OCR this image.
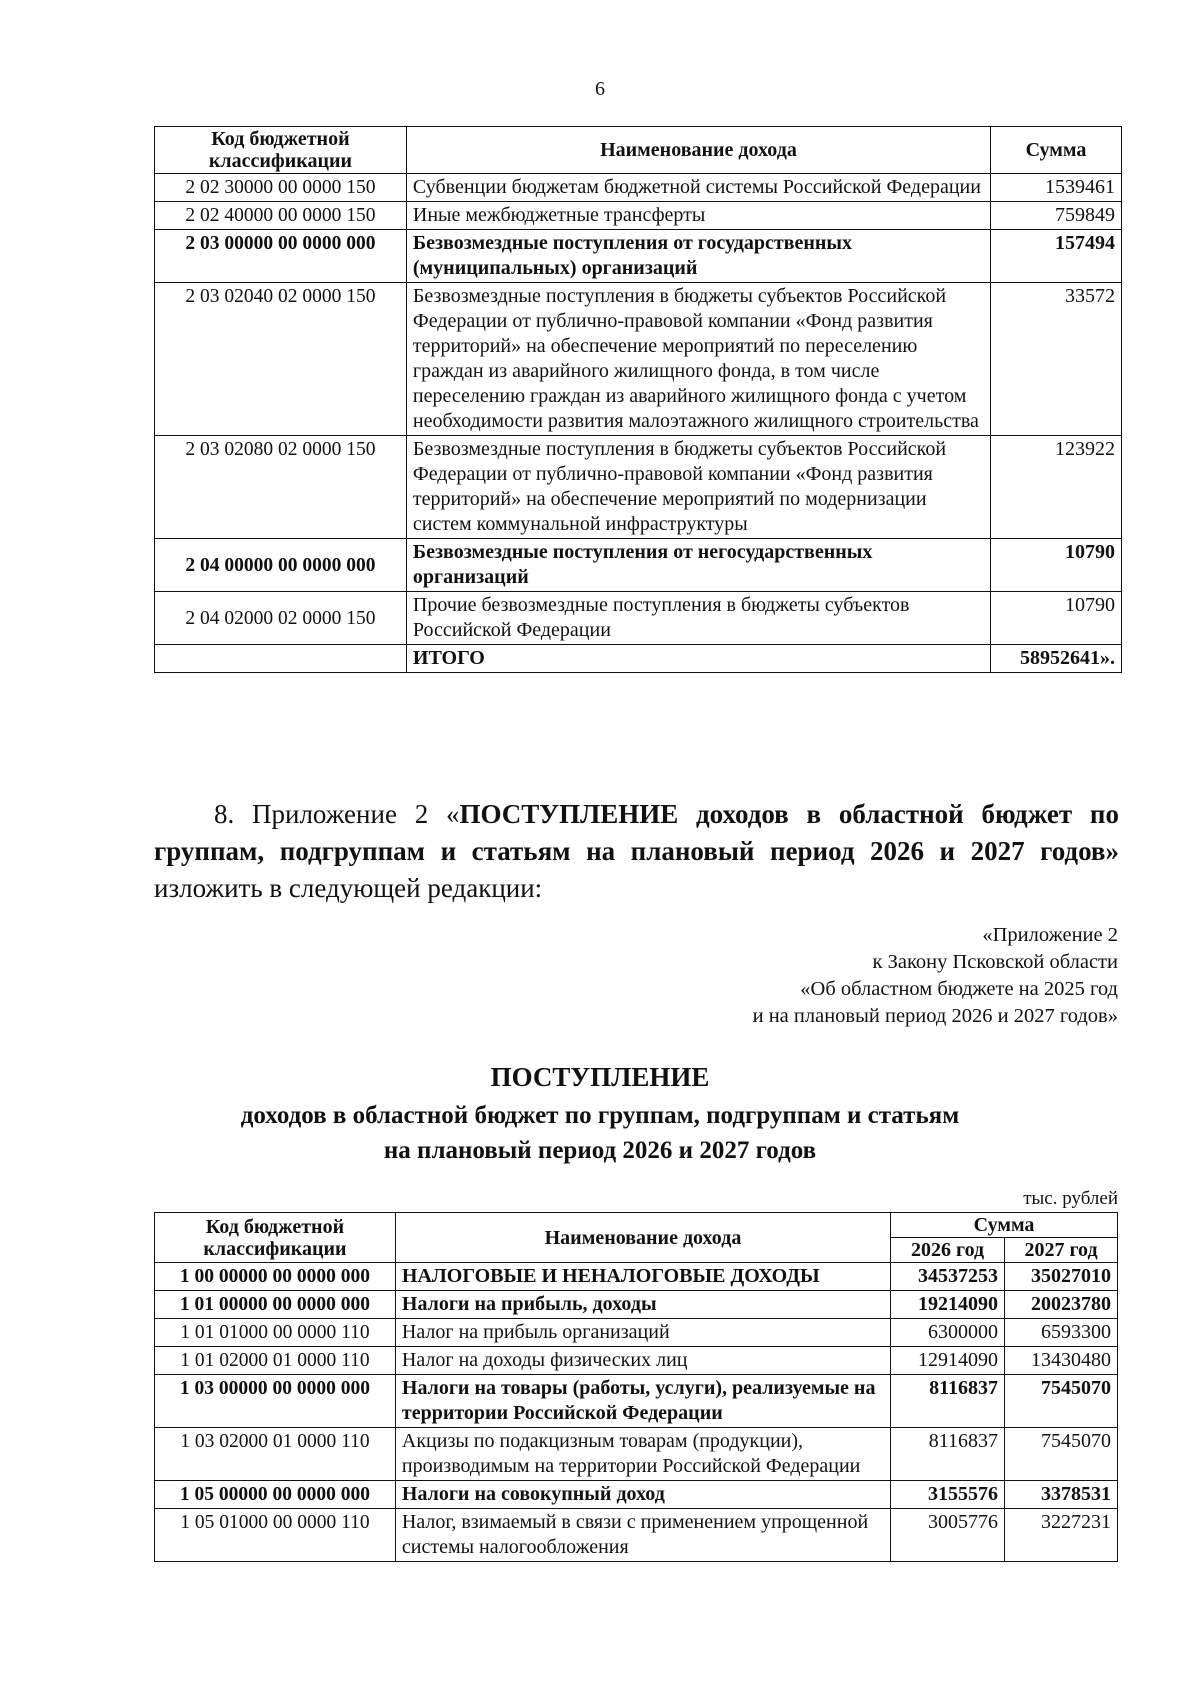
6
Код бюджетной классификации	Наименование дохода	Сумма
2 02 30000 00 0000 150	Субвенции бюджетам бюджетной системы Российской Федерации	1539461
2 02 40000 00 0000 150	Иные межбюджетные трансферты	759849
2 03 00000 00 0000 000	Безвозмездные поступления от государственных (муниципальных) организаций	157494
2 03 02040 02 0000 150	Безвозмездные поступления в бюджеты субъектов Российской Федерации от публично-правовой компании «Фонд развития территорий» на обеспечение мероприятий по переселению граждан из аварийного жилищного фонда, в том числе переселению граждан из аварийного жилищного фонда с учетом необходимости развития малоэтажного жилищного строительства	33572
2 03 02080 02 0000 150	Безвозмездные поступления в бюджеты субъектов Российской Федерации от публично-правовой компании «Фонд развития территорий» на обеспечение мероприятий по модернизации систем коммунальной инфраструктуры	123922
2 04 00000 00 0000 000	Безвозмездные поступления от негосударственных организаций	10790
2 04 02000 02 0000 150	Прочие безвозмездные поступления в бюджеты субъектов Российской Федерации	10790
	ИТОГО	58952641».
8. Приложение 2 «ПОСТУПЛЕНИЕ доходов в областной бюджет по группам, подгруппам и статьям на плановый период 2026 и 2027 годов» изложить в следующей редакции:
«Приложение 2
к Закону Псковской области
«Об областном бюджете на 2025 год
и на плановый период 2026 и 2027 годов»
ПОСТУПЛЕНИЕ
доходов в областной бюджет по группам, подгруппам и статьям
на плановый период 2026 и 2027 годов
тыс. рублей
Код бюджетной классификации	Наименование дохода	Сумма	
		2026 год	2027 год
1 00 00000 00 0000 000	НАЛОГОВЫЕ И НЕНАЛОГОВЫЕ ДОХОДЫ	34537253	35027010
1 01 00000 00 0000 000	Налоги на прибыль, доходы	19214090	20023780
1 01 01000 00 0000 110	Налог на прибыль организаций	6300000	6593300
1 01 02000 01 0000 110	Налог на доходы физических лиц	12914090	13430480
1 03 00000 00 0000 000	Налоги на товары (работы, услуги), реализуемые на территории Российской Федерации	8116837	7545070
1 03 02000 01 0000 110	Акцизы по подакцизным товарам (продукции), производимым на территории Российской Федерации	8116837	7545070
1 05 00000 00 0000 000	Налоги на совокупный доход	3155576	3378531
1 05 01000 00 0000 110	Налог, взимаемый в связи с применением упрощенной системы налогообложения	3005776	3227231
